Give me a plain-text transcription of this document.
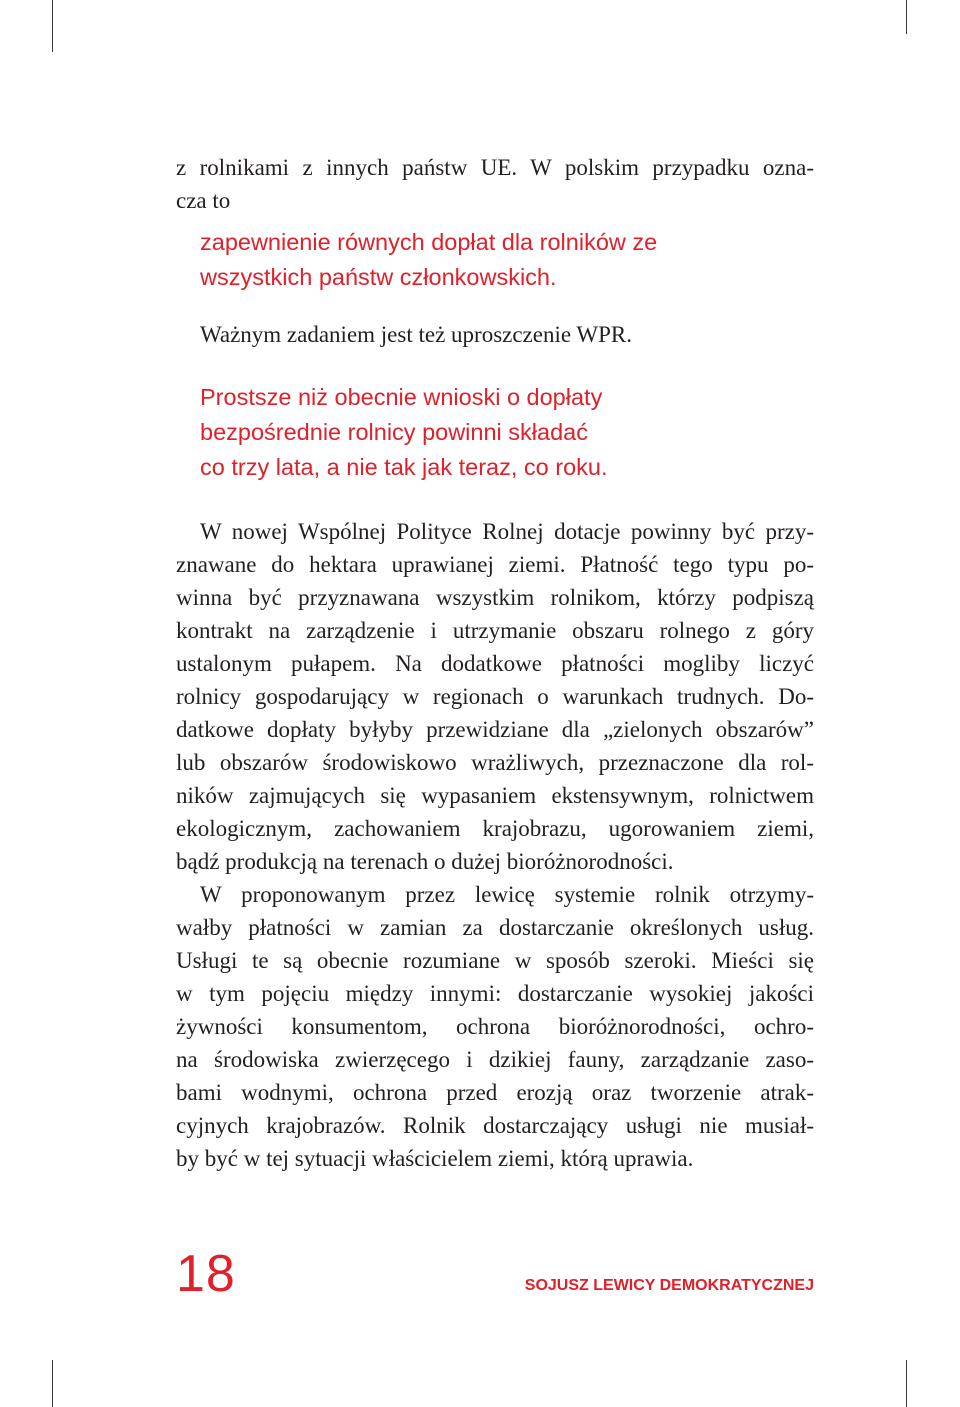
z rolnikami z innych państw UE. W polskim przypadku ozna-

cza to

zapewnienie równych dopłat dla rolników ze

wszystkich państw członkowskich.

Ważnym zadaniem jest też uproszczenie WPR.

Prostsze niż obecnie wnioski o dopłaty

bezpośrednie rolnicy powinni składać

co trzy lata, a nie tak jak teraz, co roku.

W nowej Wspólnej Polityce Rolnej dotacje powinny być przy-

znawane do hektara uprawianej ziemi. Płatność tego typu po-

winna być przyznawana wszystkim rolnikom, którzy podpiszą

kontrakt na zarządzenie i utrzymanie obszaru rolnego z góry

ustalonym pułapem. Na dodatkowe płatności mogliby liczyć

rolnicy gospodarujący w regionach o warunkach trudnych. Do-

datkowe dopłaty byłyby przewidziane dla „zielonych obszarów”

lub obszarów środowiskowo wrażliwych, przeznaczone dla rol-

ników zajmujących się wypasaniem ekstensywnym, rolnictwem

ekologicznym, zachowaniem krajobrazu, ugorowaniem ziemi,

bądź produkcją na terenach o dużej bioróżnorodności.

W proponowanym przez lewicę systemie rolnik otrzymy-

wałby płatności w zamian za dostarczanie określonych usług.

Usługi te są obecnie rozumiane w sposób szeroki. Mieści się

w tym pojęciu między innymi: dostarczanie wysokiej jakości

żywności konsumentom, ochrona bioróżnorodności, ochro-

na środowiska zwierzęcego i dzikiej fauny, zarządzanie zaso-

bami wodnymi, ochrona przed erozją oraz tworzenie atrak-

cyjnych krajobrazów. Rolnik dostarczający usługi nie musiał-

by być w tej sytuacji właścicielem ziemi, którą uprawia.

18	SOJUSZ LEWICY DEMOKRATYCZNEJ
